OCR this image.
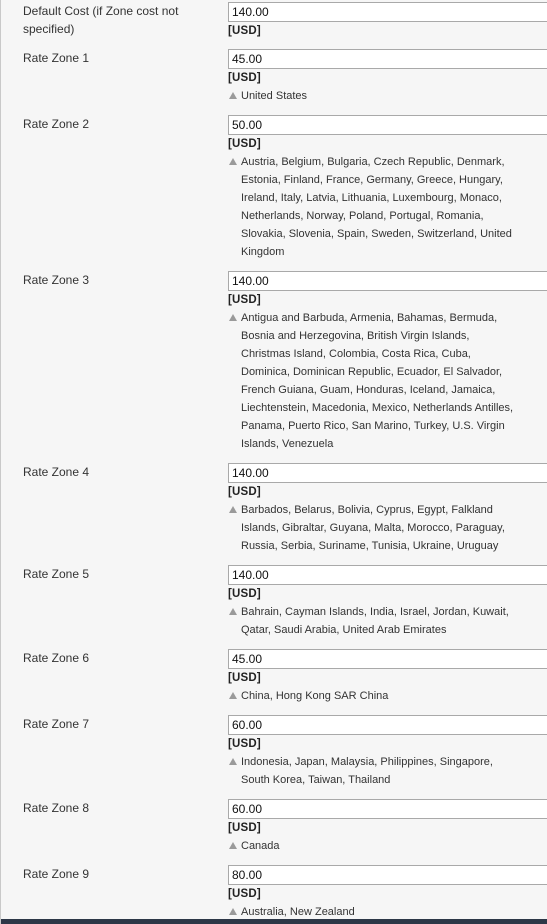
Default Cost (if Zone cost not specified)
140.00	[USD]
Rate Zone 1
45.00
[USD]
United States
Rate Zone 2
50.00
[USD]
Austria, Belgium, Bulgaria, Czech Republic, Denmark, Estonia, Finland, France, Germany, Greece, Hungary, Ireland, Italy, Latvia, Lithuania, Luxembourg, Monaco, Netherlands, Norway, Poland, Portugal, Romania, Slovakia, Slovenia, Spain, Sweden, Switzerland, United Kingdom
Rate Zone 3
140.00
[USD]
Antigua and Barbuda, Armenia, Bahamas, Bermuda, Bosnia and Herzegovina, British Virgin Islands, Christmas Island, Colombia, Costa Rica, Cuba, Dominica, Dominican Republic, Ecuador, El Salvador, French Guiana, Guam, Honduras, Iceland, Jamaica, Liechtenstein, Macedonia, Mexico, Netherlands Antilles, Panama, Puerto Rico, San Marino, Turkey, U.S. Virgin Islands, Venezuela
Rate Zone 4
140.00
[USD]
Barbados, Belarus, Bolivia, Cyprus, Egypt, Falkland Islands, Gibraltar, Guyana, Malta, Morocco, Paraguay, Russia, Serbia, Suriname, Tunisia, Ukraine, Uruguay
Rate Zone 5
140.00
[USD]
Bahrain, Cayman Islands, India, Israel, Jordan, Kuwait, Qatar, Saudi Arabia, United Arab Emirates
Rate Zone 6
45.00
[USD]
China, Hong Kong SAR China
Rate Zone 7
60.00
[USD]
Indonesia, Japan, Malaysia, Philippines, Singapore, South Korea, Taiwan, Thailand
Rate Zone 8
60.00
[USD]
Canada
Rate Zone 9
80.00
[USD]
Australia, New Zealand
